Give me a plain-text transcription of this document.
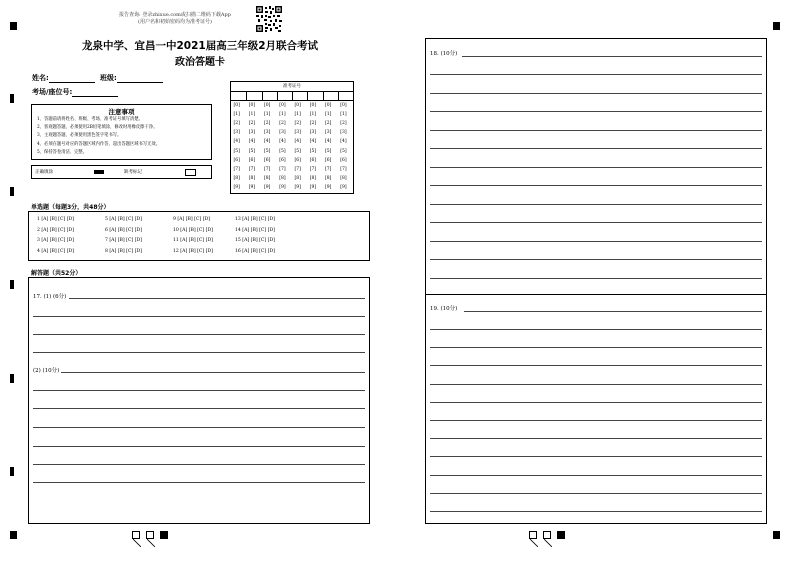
报告查询: 登录zhixue.com或扫描二维码下载App
(用户名和初始密码均为准考证号)
龙泉中学、宜昌一中2021届高三年级2月联合考试
政治答题卡
姓名:	班级:
考场/座位号:
注意事项
1、答题前请将姓名、班级、考场、准考证号填写清楚。
2、客观题答题，必须使用2B铅笔填涂，修改时用橡皮擦干净。
3、主观题答题，必须使用黑色签字笔书写。
4、必须在题号对应的答题区域内作答，超出答题区域书写无效。
5、保持答卷清洁、完整。
正确填涂	缺考标记
准考证号
[0] [0] [0] [0] [0] [0] [0] [0]
[1] [1] [1] [1] [1] [1] [1] [1]
[2] [2] [2] [2] [2] [2] [2] [2]
[3] [3] [3] [3] [3] [3] [3] [3]
[4] [4] [4] [4] [4] [4] [4] [4]
[5] [5] [5] [5] [5] [5] [5] [5]
[6] [6] [6] [6] [6] [6] [6] [6]
[7] [7] [7] [7] [7] [7] [7] [7]
[8] [8] [8] [8] [8] [8] [8] [8]
[9] [9] [9] [9] [9] [9] [9] [9]
单选题（每题3分，共48分）
1 [A] [B] [C] [D]	5 [A] [B] [C] [D]	9 [A] [B] [C] [D]	13 [A] [B] [C] [D]
2 [A] [B] [C] [D]	6 [A] [B] [C] [D]	10 [A] [B] [C] [D]	14 [A] [B] [C] [D]
3 [A] [B] [C] [D]	7 [A] [B] [C] [D]	11 [A] [B] [C] [D]	15 [A] [B] [C] [D]
4 [A] [B] [C] [D]	8 [A] [B] [C] [D]	12 [A] [B] [C] [D]	16 [A] [B] [C] [D]
解答题（共52分）
17. (1) (6分)
(2) (10分)
18. (10分)
19. (10分)
